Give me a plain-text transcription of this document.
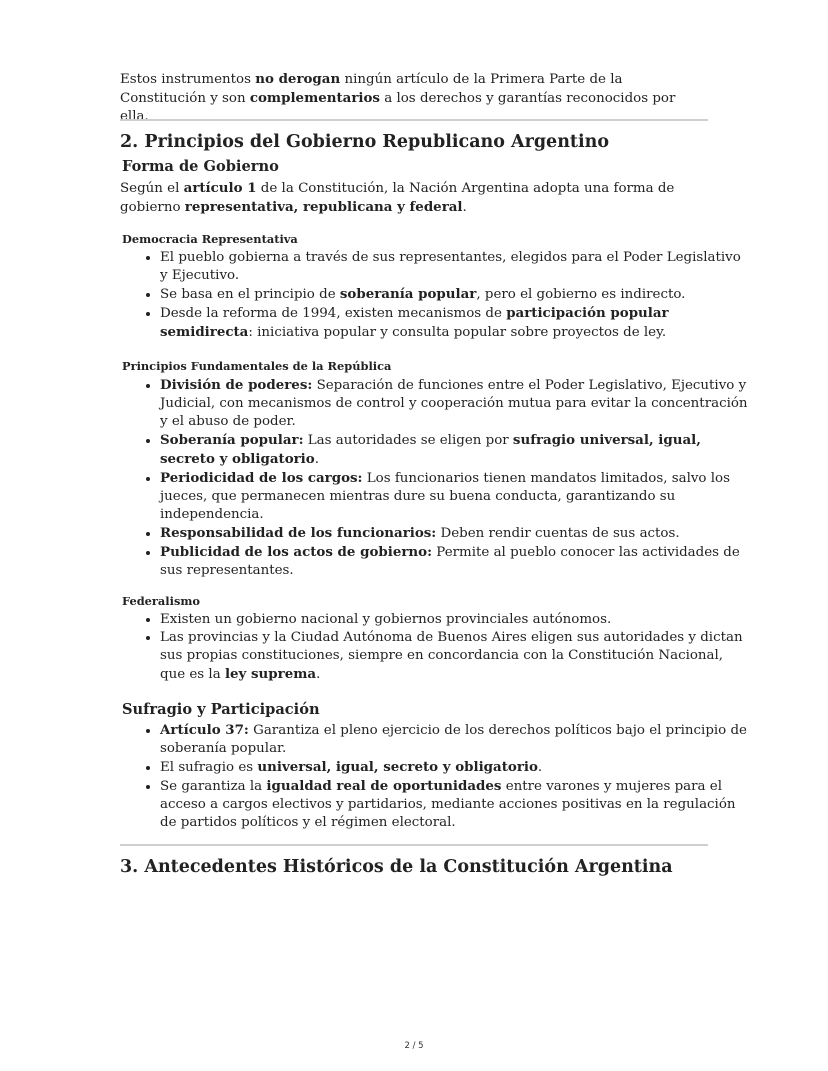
Estos instrumentos no derogan ningún artículo de la Primera Parte de la Constitución y son complementarios a los derechos y garantías reconocidos por ella.

2. Principios del Gobierno Republicano Argentino
Forma de Gobierno

Según el artículo 1 de la Constitución, la Nación Argentina adopta una forma de gobierno representativa, republicana y federal.

Democracia Representativa
• El pueblo gobierna a través de sus representantes, elegidos para el Poder Legislativo y Ejecutivo.
• Se basa en el principio de soberanía popular, pero el gobierno es indirecto.
• Desde la reforma de 1994, existen mecanismos de participación popular semidirecta: iniciativa popular y consulta popular sobre proyectos de ley.
Principios Fundamentales de la República
• División de poderes: Separación de funciones entre el Poder Legislativo, Ejecutivo y Judicial, con mecanismos de control y cooperación mutua para evitar la concentración y el abuso de poder.
• Soberanía popular: Las autoridades se eligen por sufragio universal, igual, secreto y obligatorio.
• Periodicidad de los cargos: Los funcionarios tienen mandatos limitados, salvo los jueces, que permanecen mientras dure su buena conducta, garantizando su independencia.
• Responsabilidad de los funcionarios: Deben rendir cuentas de sus actos.
• Publicidad de los actos de gobierno: Permite al pueblo conocer las actividades de sus representantes.
Federalismo
• Existen un gobierno nacional y gobiernos provinciales autónomos.
• Las provincias y la Ciudad Autónoma de Buenos Aires eligen sus autoridades y dictan sus propias constituciones, siempre en concordancia con la Constitución Nacional, que es la ley suprema.
Sufragio y Participación
• Artículo 37: Garantiza el pleno ejercicio de los derechos políticos bajo el principio de soberanía popular.
• El sufragio es universal, igual, secreto y obligatorio.
• Se garantiza la igualdad real de oportunidades entre varones y mujeres para el acceso a cargos electivos y partidarios, mediante acciones positivas en la regulación de partidos políticos y el régimen electoral.
3. Antecedentes Históricos de la Constitución Argentina
2 / 5
